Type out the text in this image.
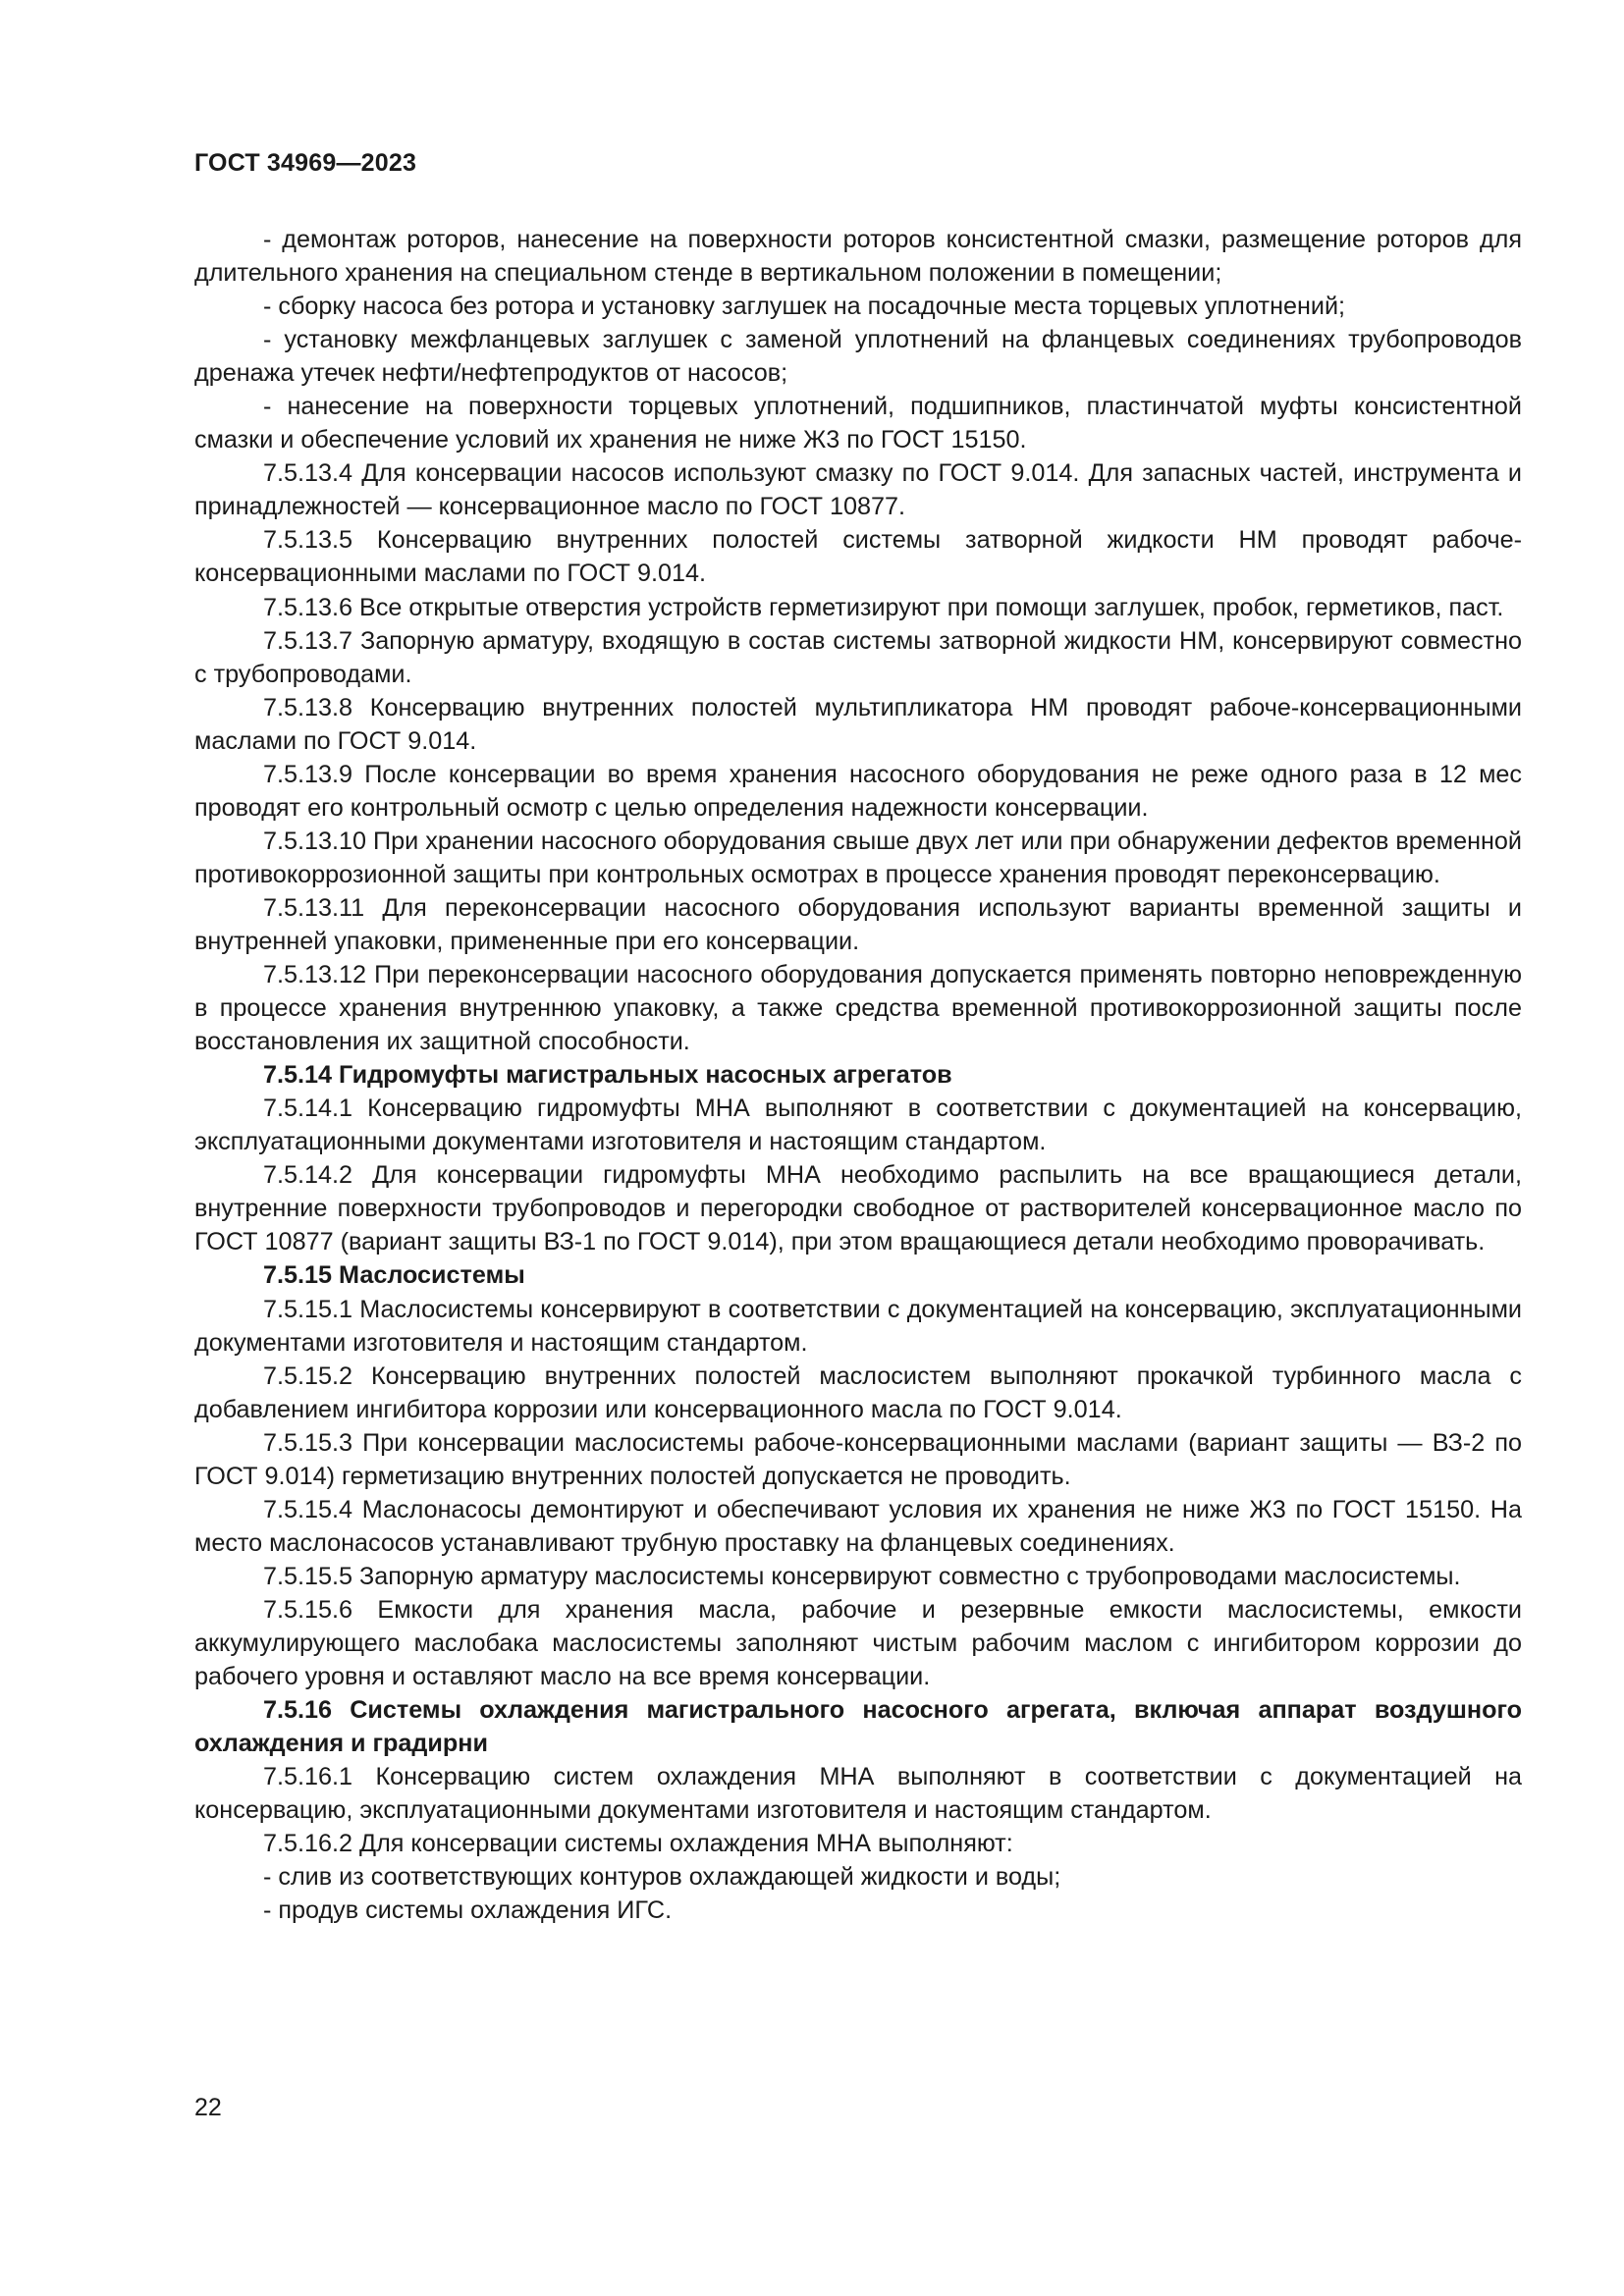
ГОСТ 34969—2023

- демонтаж роторов, нанесение на поверхности роторов консистентной смазки, размещение роторов для длительного хранения на специальном стенде в вертикальном положении в помещении;

- сборку насоса без ротора и установку заглушек на посадочные места торцевых уплотнений;

- установку межфланцевых заглушек с заменой уплотнений на фланцевых соединениях трубопроводов дренажа утечек нефти/нефтепродуктов от насосов;

- нанесение на поверхности торцевых уплотнений, подшипников, пластинчатой муфты консистентной смазки и обеспечение условий их хранения не ниже Ж3 по ГОСТ 15150.

7.5.13.4 Для консервации насосов используют смазку по ГОСТ 9.014. Для запасных частей, инструмента и принадлежностей — консервационное масло по ГОСТ 10877.

7.5.13.5 Консервацию внутренних полостей системы затворной жидкости НМ проводят рабоче-консервационными маслами по ГОСТ 9.014.

7.5.13.6 Все открытые отверстия устройств герметизируют при помощи заглушек, пробок, герметиков, паст.

7.5.13.7 Запорную арматуру, входящую в состав системы затворной жидкости НМ, консервируют совместно с трубопроводами.

7.5.13.8 Консервацию внутренних полостей мультипликатора НМ проводят рабоче-консервационными маслами по ГОСТ 9.014.

7.5.13.9 После консервации во время хранения насосного оборудования не реже одного раза в 12 мес проводят его контрольный осмотр с целью определения надежности консервации.

7.5.13.10 При хранении насосного оборудования свыше двух лет или при обнаружении дефектов временной противокоррозионной защиты при контрольных осмотрах в процессе хранения проводят переконсервацию.

7.5.13.11 Для переконсервации насосного оборудования используют варианты временной защиты и внутренней упаковки, примененные при его консервации.

7.5.13.12 При переконсервации насосного оборудования допускается применять повторно неповрежденную в процессе хранения внутреннюю упаковку, а также средства временной противокоррозионной защиты после восстановления их защитной способности.

7.5.14 Гидромуфты магистральных насосных агрегатов

7.5.14.1 Консервацию гидромуфты МНА выполняют в соответствии с документацией на консервацию, эксплуатационными документами изготовителя и настоящим стандартом.

7.5.14.2 Для консервации гидромуфты МНА необходимо распылить на все вращающиеся детали, внутренние поверхности трубопроводов и перегородки свободное от растворителей консервационное масло по ГОСТ 10877 (вариант защиты ВЗ-1 по ГОСТ 9.014), при этом вращающиеся детали необходимо проворачивать.

7.5.15 Маслосистемы

7.5.15.1 Маслосистемы консервируют в соответствии с документацией на консервацию, эксплуатационными документами изготовителя и настоящим стандартом.

7.5.15.2 Консервацию внутренних полостей маслосистем выполняют прокачкой турбинного масла с добавлением ингибитора коррозии или консервационного масла по ГОСТ 9.014.

7.5.15.3 При консервации маслосистемы рабоче-консервационными маслами (вариант защиты — ВЗ-2 по ГОСТ 9.014) герметизацию внутренних полостей допускается не проводить.

7.5.15.4 Маслонасосы демонтируют и обеспечивают условия их хранения не ниже Ж3 по ГОСТ 15150. На место маслонасосов устанавливают трубную проставку на фланцевых соединениях.

7.5.15.5 Запорную арматуру маслосистемы консервируют совместно с трубопроводами маслосистемы.

7.5.15.6 Емкости для хранения масла, рабочие и резервные емкости маслосистемы, емкости аккумулирующего маслобака маслосистемы заполняют чистым рабочим маслом с ингибитором коррозии до рабочего уровня и оставляют масло на все время консервации.

7.5.16 Системы охлаждения магистрального насосного агрегата, включая аппарат воздушного охлаждения и градирни

7.5.16.1 Консервацию систем охлаждения МНА выполняют в соответствии с документацией на консервацию, эксплуатационными документами изготовителя и настоящим стандартом.

7.5.16.2 Для консервации системы охлаждения МНА выполняют:

- слив из соответствующих контуров охлаждающей жидкости и воды;

- продув системы охлаждения ИГС.

22
